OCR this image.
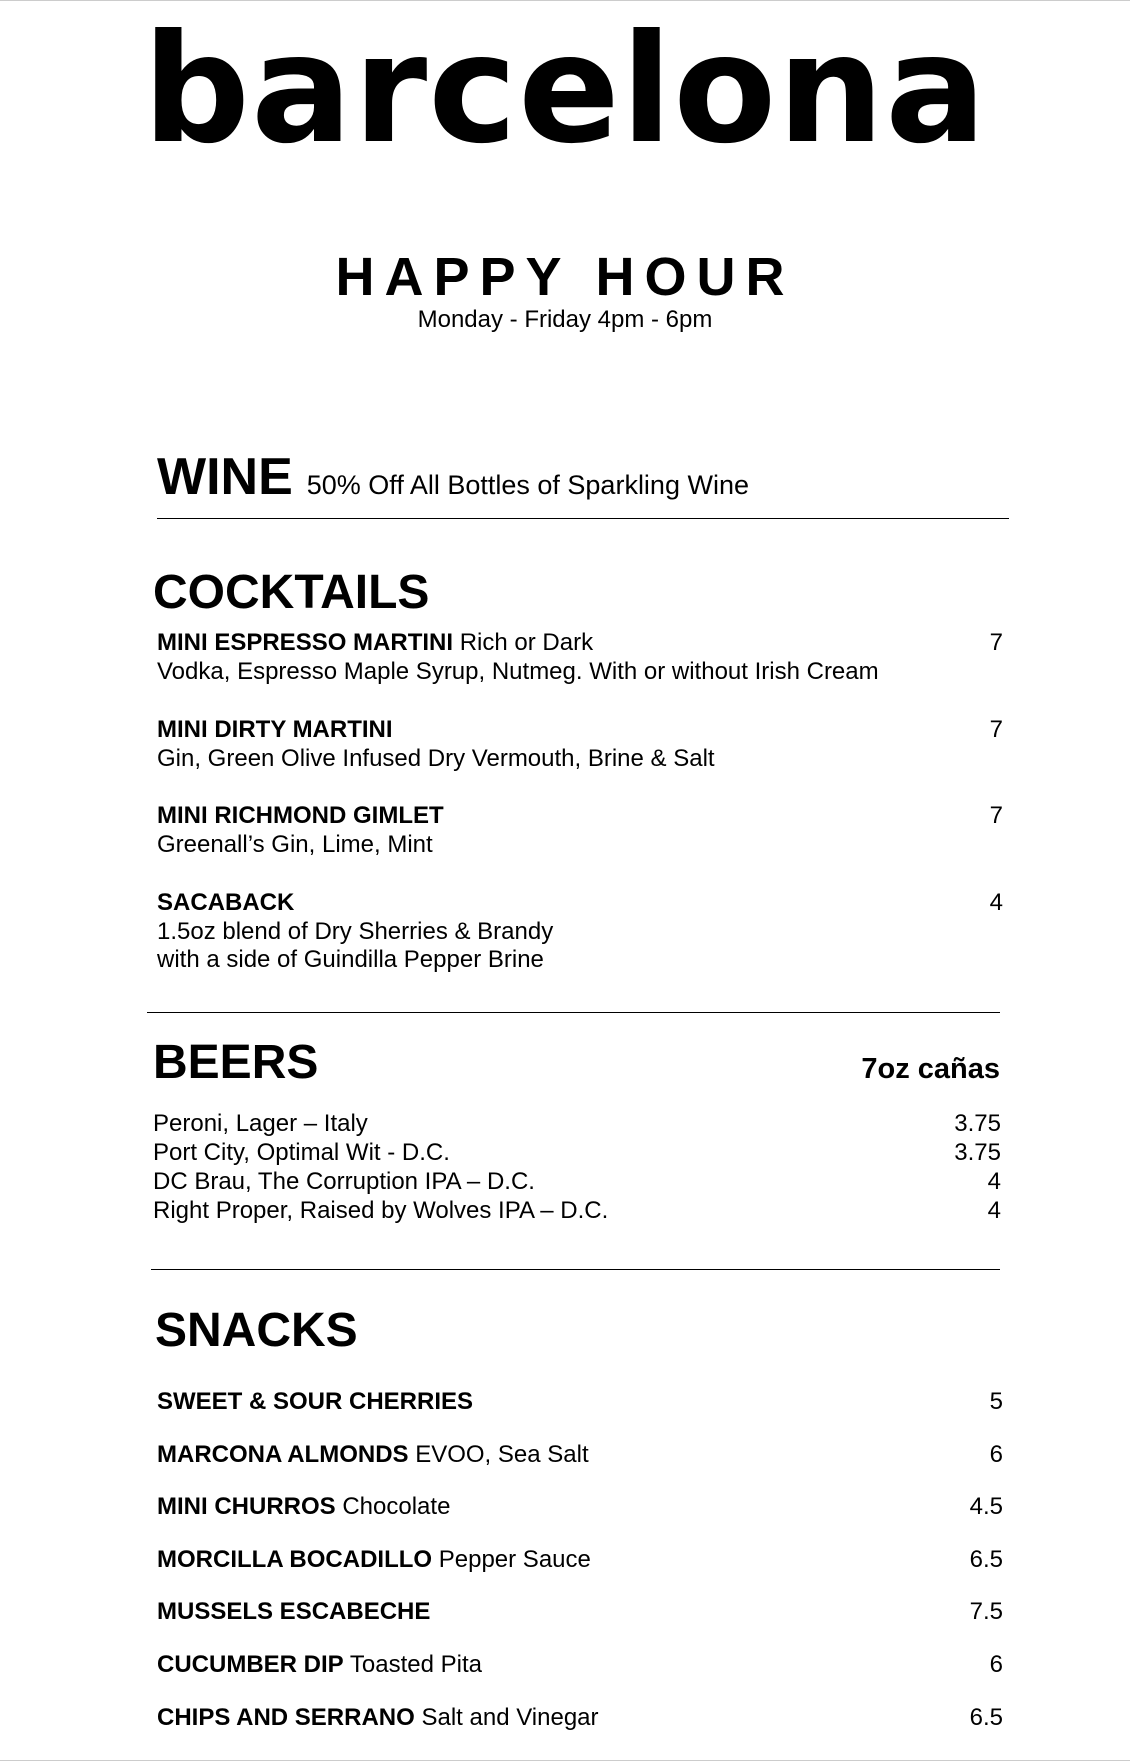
barcelona
HAPPY HOUR
Monday - Friday 4pm - 6pm
WINE 50% Off All Bottles of Sparkling Wine
COCKTAILS
MINI ESPRESSO MARTINI Rich or Dark	7
Vodka, Espresso Maple Syrup, Nutmeg. With or without Irish Cream
MINI DIRTY MARTINI	7
Gin, Green Olive Infused Dry Vermouth, Brine & Salt
MINI RICHMOND GIMLET	7
Greenall’s Gin, Lime, Mint
SACABACK	4
1.5oz blend of Dry Sherries & Brandy
with a side of Guindilla Pepper Brine
BEERS	7oz cañas
Peroni, Lager – Italy	3.75
Port City, Optimal Wit - D.C.	3.75
DC Brau, The Corruption IPA – D.C.	4
Right Proper, Raised by Wolves IPA – D.C.	4
SNACKS
SWEET & SOUR CHERRIES	5
MARCONA ALMONDS EVOO, Sea Salt	6
MINI CHURROS Chocolate	4.5
MORCILLA BOCADILLO Pepper Sauce	6.5
MUSSELS ESCABECHE	7.5
CUCUMBER DIP Toasted Pita	6
CHIPS AND SERRANO Salt and Vinegar	6.5
